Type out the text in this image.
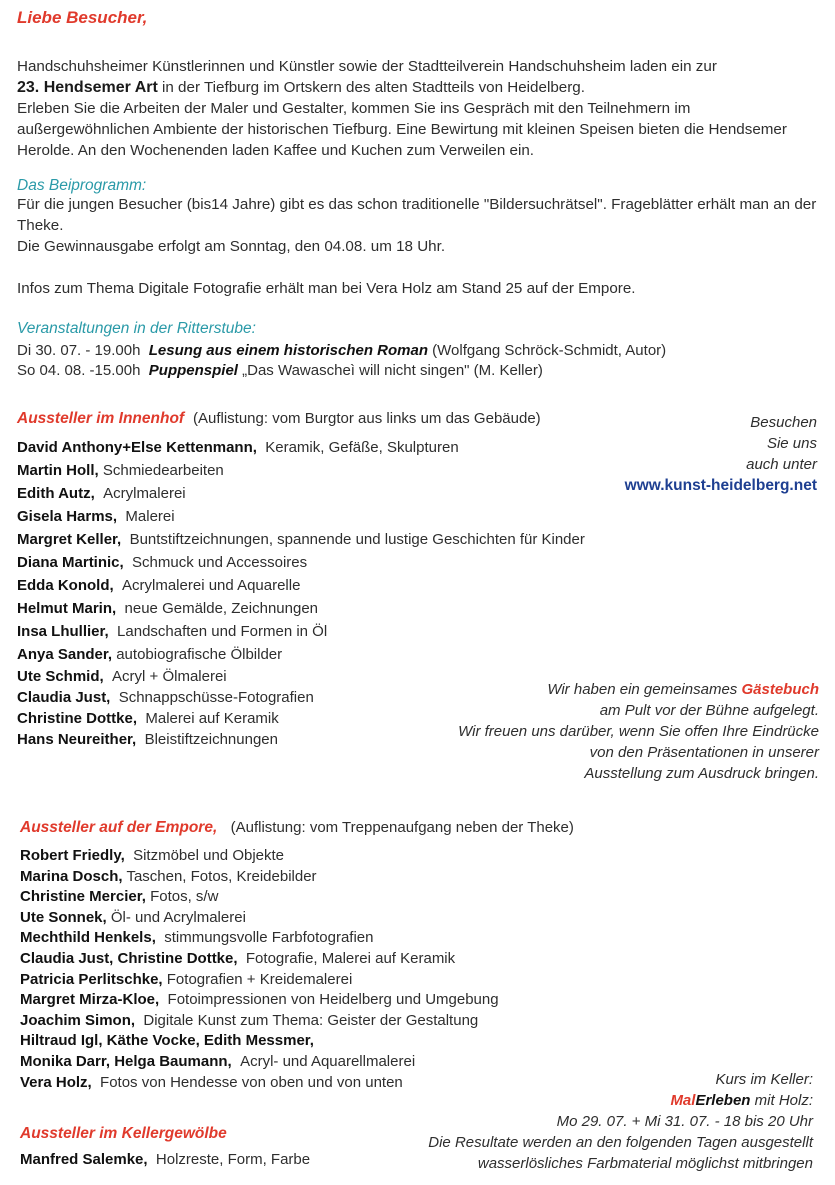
Liebe Besucher,
Handschuhsheimer Künstlerinnen und Künstler sowie der Stadtteilverein Handschuhsheim laden ein zur
23. Hendsemer Art in der Tiefburg im Ortskern des alten Stadtteils von Heidelberg.
Erleben Sie die Arbeiten der Maler und Gestalter, kommen Sie ins Gespräch mit den Teilnehmern im außergewöhnlichen Ambiente der historischen Tiefburg. Eine Bewirtung mit kleinen Speisen bieten die Hendsemer Herolde. An den Wochenenden laden Kaffee und Kuchen zum Verweilen ein.
Das Beiprogramm:
Für die jungen Besucher (bis14 Jahre) gibt es das schon traditionelle "Bildersuchrätsel". Frageblätter erhält man an der Theke.
Die Gewinnausgabe erfolgt am Sonntag, den 04.08. um 18 Uhr.
Infos zum Thema Digitale Fotografie erhält man bei Vera Holz am Stand 25 auf der Empore.
Veranstaltungen in der Ritterstube:
Di 30. 07. - 19.00h Lesung aus einem historischen Roman (Wolfgang Schröck-Schmidt, Autor)
So 04. 08. -15.00h Puppenspiel „Das Wawascheì will nicht singen" (M. Keller)
Aussteller im Innenhof (Auflistung: vom Burgtor aus links um das Gebäude)
David Anthony+Else Kettenmann, Keramik, Gefäße, Skulpturen
Martin Holl, Schmiedearbeiten
Edith Autz, Acrylmalerei
Gisela Harms, Malerei
Margret Keller, Buntstiftzeichnungen, spannende und lustige Geschichten für Kinder
Diana Martinic, Schmuck und Accessoires
Edda Konold, Acrylmalerei und Aquarelle
Helmut Marin, neue Gemälde, Zeichnungen
Insa Lhullier, Landschaften und Formen in Öl
Anya Sander, autobiografische Ölbilder
Ute Schmid, Acryl + Ölmalerei
Claudia Just, Schnappschüsse-Fotografien
Christine Dottke, Malerei auf Keramik
Hans Neureither, Bleistiftzeichnungen
Besuchen
Sie uns
auch unter
www.kunst-heidelberg.net
Wir haben ein gemeinsames Gästebuch
am Pult vor der Bühne aufgelegt.
Wir freuen uns darüber, wenn Sie offen Ihre Eindrücke
von den Präsentationen in unserer
Ausstellung zum Ausdruck bringen.
Aussteller auf der Empore, (Auflistung: vom Treppenaufgang neben der Theke)
Robert Friedly, Sitzmöbel und Objekte
Marina Dosch, Taschen, Fotos, Kreidebilder
Christine Mercier, Fotos, s/w
Ute Sonnek, Öl- und Acrylmalerei
Mechthild Henkels, stimmungsvolle Farbfotografien
Claudia Just, Christine Dottke, Fotografie, Malerei auf Keramik
Patricia Perlitschke, Fotografien + Kreidemalerei
Margret Mirza-Kloe, Fotoimpressionen von Heidelberg und Umgebung
Joachim Simon, Digitale Kunst zum Thema: Geister der Gestaltung
Hiltraud Igl, Käthe Vocke, Edith Messmer,
Monika Darr, Helga Baumann, Acryl- und Aquarellmalerei
Vera Holz, Fotos von Hendesse von oben und von unten	Kurs im Keller:
MalErleben mit Holz:
Mo 29. 07. + Mi 31. 07. - 18 bis 20 Uhr
Die Resultate werden an den folgenden Tagen ausgestellt
wasserlösliches Farbmaterial möglichst mitbringen
Aussteller im Kellergewölbe
Manfred Salemke, Holzreste, Form, Farbe
